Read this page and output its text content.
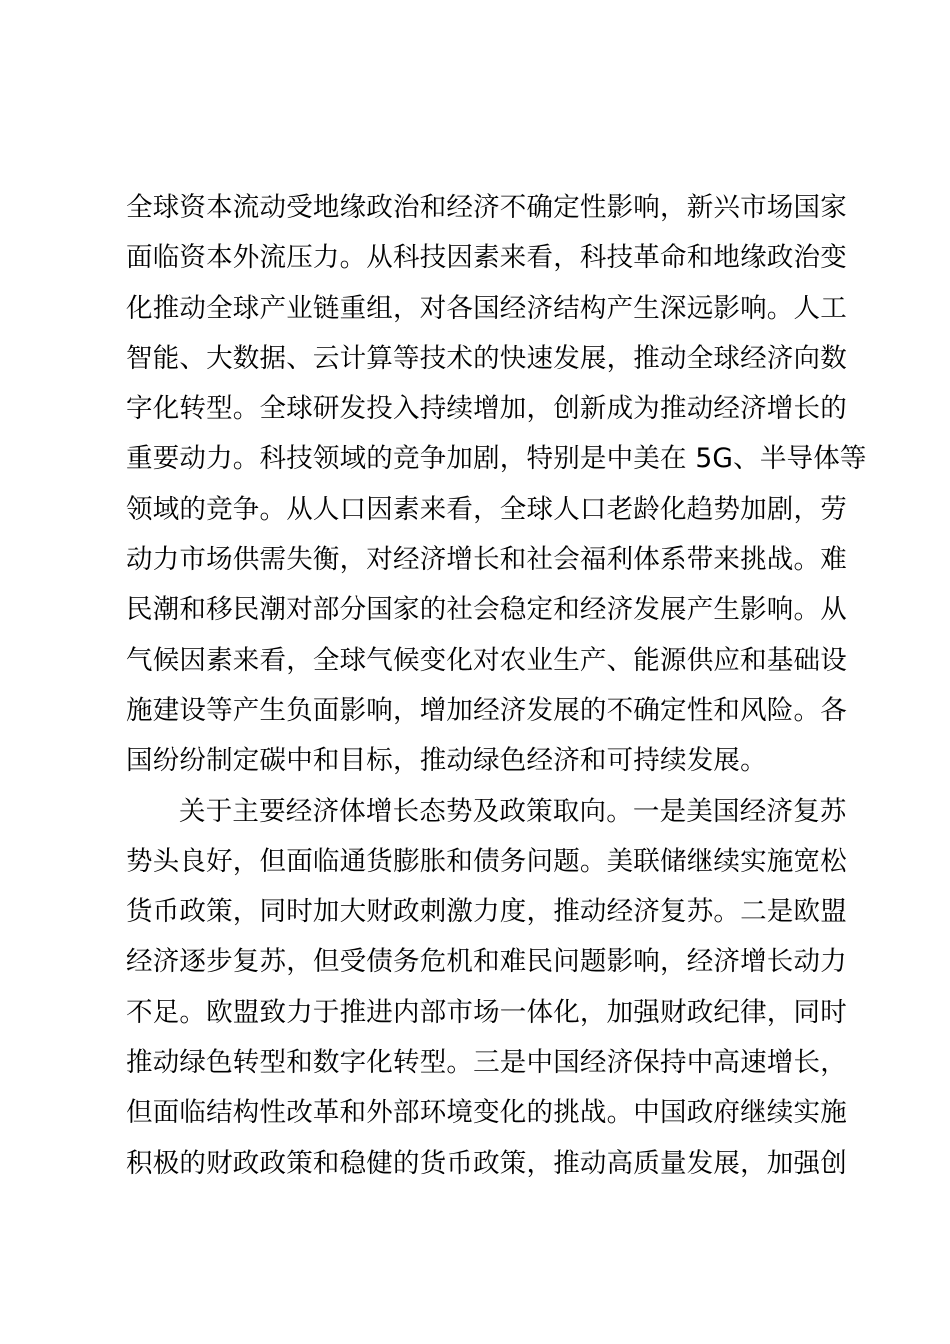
全球资本流动受地缘政治和经济不确定性影响，新兴市场国家
面临资本外流压力。从科技因素来看，科技革命和地缘政治变
化推动全球产业链重组，对各国经济结构产生深远影响。人工
智能、大数据、云计算等技术的快速发展，推动全球经济向数
字化转型。全球研发投入持续增加，创新成为推动经济增长的
重要动力。科技领域的竞争加剧，特别是中美在 5G、半导体等
领域的竞争。从人口因素来看，全球人口老龄化趋势加剧，劳
动力市场供需失衡，对经济增长和社会福利体系带来挑战。难
民潮和移民潮对部分国家的社会稳定和经济发展产生影响。从
气候因素来看，全球气候变化对农业生产、能源供应和基础设
施建设等产生负面影响，增加经济发展的不确定性和风险。各
国纷纷制定碳中和目标，推动绿色经济和可持续发展。
关于主要经济体增长态势及政策取向。一是美国经济复苏
势头良好，但面临通货膨胀和债务问题。美联储继续实施宽松
货币政策，同时加大财政刺激力度，推动经济复苏。二是欧盟
经济逐步复苏，但受债务危机和难民问题影响，经济增长动力
不足。欧盟致力于推进内部市场一体化，加强财政纪律，同时
推动绿色转型和数字化转型。三是中国经济保持中高速增长，
但面临结构性改革和外部环境变化的挑战。中国政府继续实施
积极的财政政策和稳健的货币政策，推动高质量发展，加强创
